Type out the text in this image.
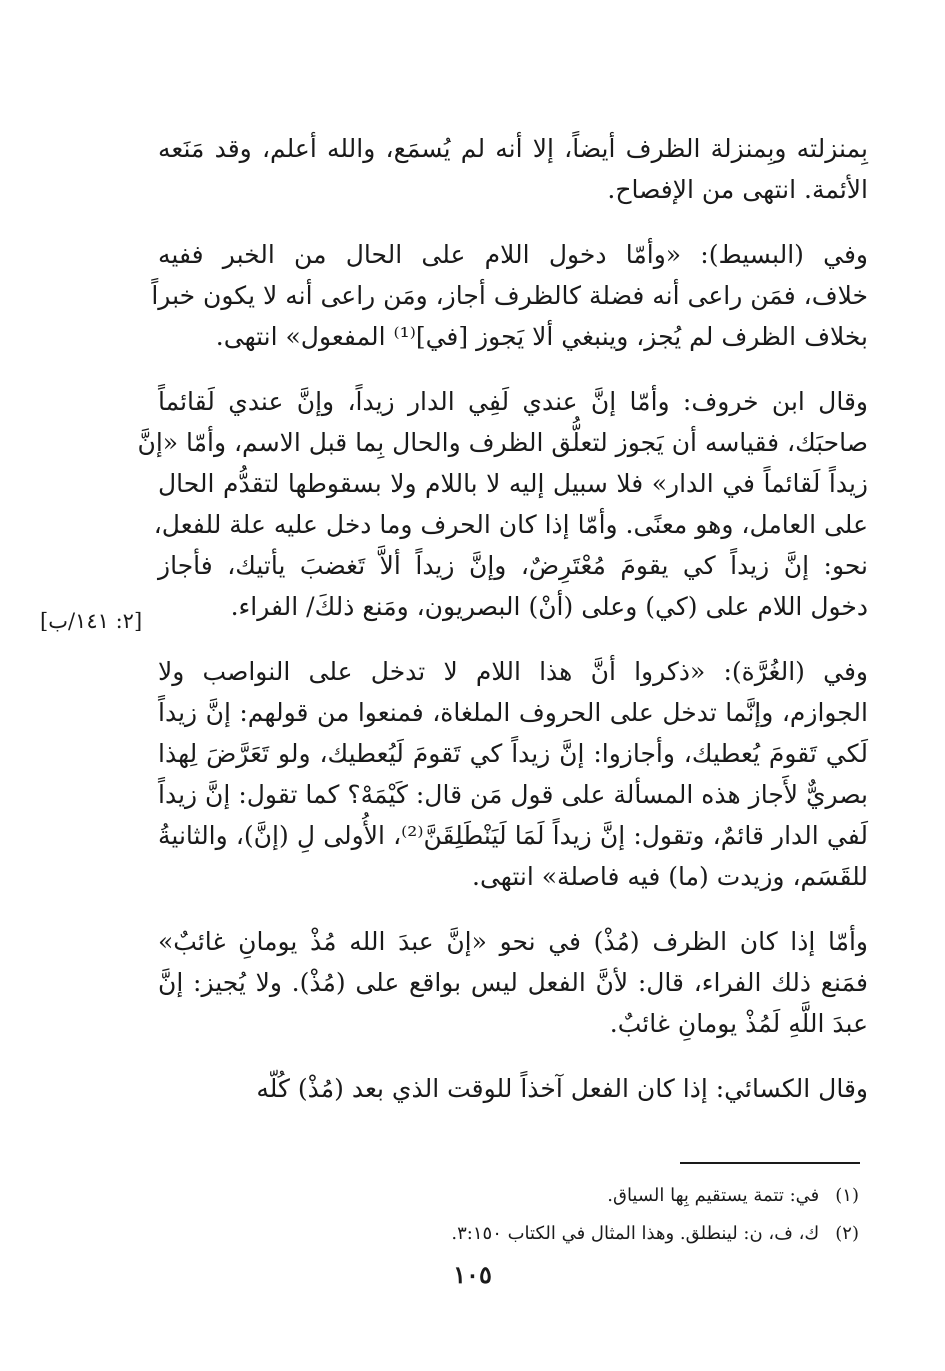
بِمنزلته وبِمنزلة الظرف أيضاً، إلا أنه لم يُسمَع، والله أعلم، وقد مَنَعه
الأئمة. انتهى من الإفصاح.
وفي (البسيط): «وأمّا دخول اللام على الحال من الخبر ففيه
خلاف، فمَن راعى أنه فضلة كالظرف أجاز، ومَن راعى أنه لا يكون خبراً
بخلاف الظرف لم يُجز، وينبغي ألا يَجوز [في]⁽¹⁾ المفعول» انتهى.
وقال ابن خروف: وأمّا إنَّ عندي لَفِي الدار زيداً، وإنَّ عندي لَقائماً
صاحبَك، فقياسه أن يَجوز لتعلُّق الظرف والحال بِما قبل الاسم، وأمّا «إنَّ
زيداً لَقائماً في الدار» فلا سبيل إليه لا باللام ولا بسقوطها لتقدُّم الحال
على العامل، وهو معنًى. وأمّا إذا كان الحرف وما دخل عليه علة للفعل،
نحو: إنَّ زيداً كي يقومَ مُعْتَرِضٌ، وإنَّ زيداً ألاَّ تَغضبَ يأتيك، فأجاز
دخول اللام على (كي) وعلى (أنْ) البصريون، ومَنع ذلكَ/ الفراء.
وفي (الغُرَّة): «ذكروا أنَّ هذا اللام لا تدخل على النواصب ولا
الجوازم، وإنَّما تدخل على الحروف الملغاة، فمنعوا من قولهم: إنَّ زيداً
لَكي تَقومَ يُعطيك، وأجازوا: إنَّ زيداً كي تَقومَ لَيُعطيك، ولو تَعَرَّضَ لِهذا
بصريٌّ لأَجاز هذه المسألة على قول مَن قال: كَيْمَهْ؟ كما تقول: إنَّ زيداً
لَفي الدار قائمٌ، وتقول: إنَّ زيداً لَمَا لَيَنْطَلِقَنَّ⁽²⁾، الأُولى لِ (إنَّ)، والثانيةُ
للقَسَم، وزيدت (ما) فيه فاصلة» انتهى.
وأمّا إذا كان الظرف (مُذْ) في نحو «إنَّ عبدَ الله مُذْ يومانِ غائبٌ»
فمَنع ذلك الفراء، قال: لأنَّ الفعل ليس بواقع على (مُذْ). ولا يُجيز: إنَّ
عبدَ اللَّهِ لَمُذْ يومانِ غائبٌ.
وقال الكسائي: إذا كان الفعل آخذاً للوقت الذي بعد (مُذْ) كُلّه
[٢: ١٤١/ب]
(١) في: تتمة يستقيم بِها السياق.
(٢) ك، ف، ن: لينطلق. وهذا المثال في الكتاب ٣:١٥٠.
١٠٥
